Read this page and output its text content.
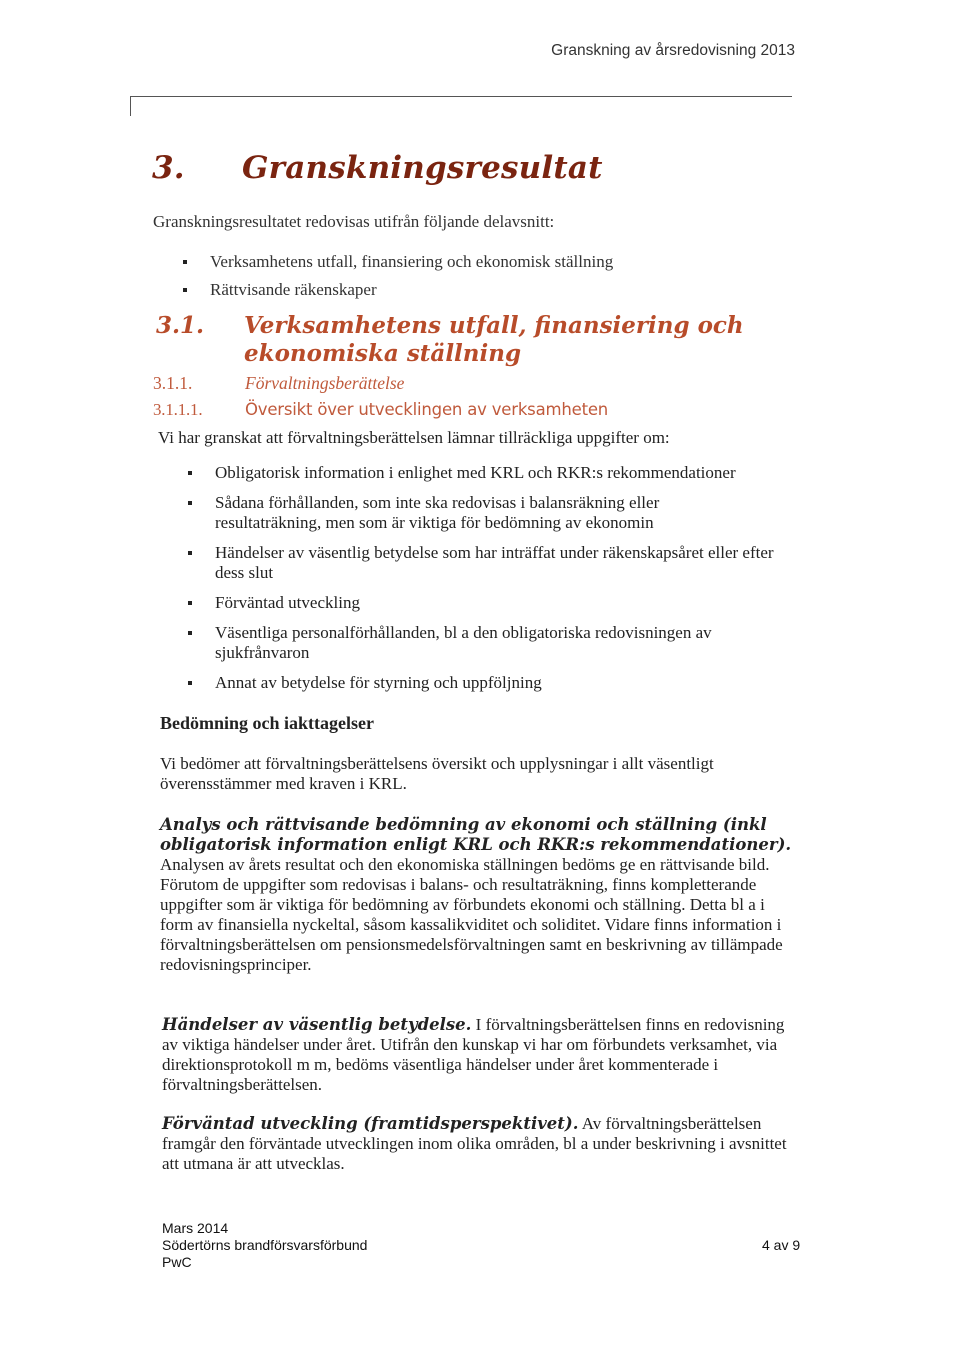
Granskning av årsredovisning 2013
3. Granskningsresultat
Granskningsresultatet redovisas utifrån följande delavsnitt:
Verksamhetens utfall, finansiering och ekonomisk ställning
Rättvisande räkenskaper
3.1. Verksamhetens utfall, finansiering och ekonomiska ställning
3.1.1.	Förvaltningsberättelse
3.1.1.1.	Översikt över utvecklingen av verksamheten
Vi har granskat att förvaltningsberättelsen lämnar tillräckliga uppgifter om:
Obligatorisk information i enlighet med KRL och RKR:s rekommendationer
Sådana förhållanden, som inte ska redovisas i balansräkning eller resultaträkning, men som är viktiga för bedömning av ekonomin
Händelser av väsentlig betydelse som har inträffat under räkenskapsåret eller efter dess slut
Förväntad utveckling
Väsentliga personalförhållanden, bl a den obligatoriska redovisningen av sjukfrånvaron
Annat av betydelse för styrning och uppföljning
Bedömning och iakttagelser
Vi bedömer att förvaltningsberättelsens översikt och upplysningar i allt väsentligt överensstämmer med kraven i KRL.
Analys och rättvisande bedömning av ekonomi och ställning (inkl obligatorisk information enligt KRL och RKR:s rekommendationer). Analysen av årets resultat och den ekonomiska ställningen bedöms ge en rättvisande bild. Förutom de uppgifter som redovisas i balans- och resultaträkning, finns kompletterande uppgifter som är viktiga för bedömning av förbundets ekonomi och ställning. Detta bl a i form av finansiella nyckeltal, såsom kassalikviditet och soliditet. Vidare finns information i förvaltningsberättelsen om pensionsmedelsförvaltningen samt en beskrivning av tillämpade redovisningsprinciper.
Händelser av väsentlig betydelse. I förvaltningsberättelsen finns en redovisning av viktiga händelser under året. Utifrån den kunskap vi har om förbundets verksamhet, via direktionsprotokoll m m, bedöms väsentliga händelser under året kommenterade i förvaltningsberättelsen.
Förväntad utveckling (framtidsperspektivet). Av förvaltningsberättelsen framgår den förväntade utvecklingen inom olika områden, bl a under beskrivning i avsnittet att utmana är att utvecklas.
Mars 2014
Södertörns brandförsvarsförbund
PwC
4 av 9
